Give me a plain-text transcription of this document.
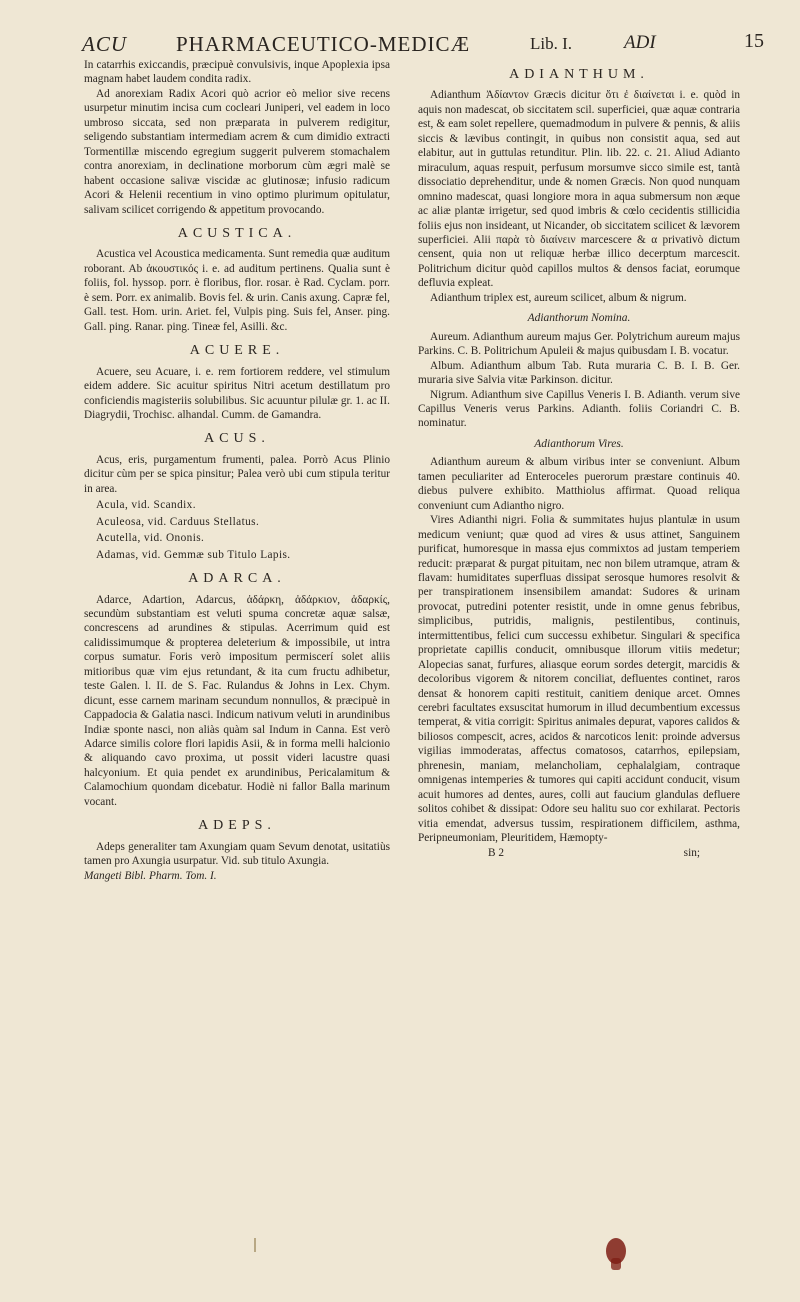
ACU PHARMACEUTICO-MEDICÆ	Lib. I.	ADI	15

In catarrhis exiccandis, præcipuè convulsivis, inque Apoplexia ipsa magnam habet laudem condita radix.

Ad anorexiam Radix Acori quò acrior eò melior sive recens usurpetur minutim incisa cum cocleari Juniperi, vel eadem in loco umbroso siccata, sed non præparata in pulverem redigitur, seligendo substantiam intermediam acrem & cum dimidio extracti Tormentillæ miscendo egregium suggerit pulverem stomachalem contra anorexiam, in declinatione morborum cùm ægri malè se habent occasione salivæ viscidæ ac glutinosæ; infusio radicum Acori & Helenii recentium in vino optimo plurimum opitulatur, salivam scilicet corrigendo & appetitum provocando.

ACUSTICA.

Acustica vel Acoustica medicamenta. Sunt remedia quæ auditum roborant. Ab ἀκουστικός i. e. ad auditum pertinens. Qualia sunt è foliis, fol. hyssop. porr. è floribus, flor. rosar. è Rad. Cyclam. porr. è sem. Porr. ex animalib. Bovis fel. & urin. Canis axung. Capræ fel, Gall. test. Hom. urin. Ariet. fel, Vulpis ping. Suis fel, Anser. ping. Gall. ping. Ranar. ping. Tineæ fel, Asilli. &c.

ACUERE.

Acuere, seu Acuare, i. e. rem fortiorem reddere, vel stimulum eidem addere. Sic acuitur spiritus Nitri acetum destillatum pro conficiendis magisteriis solubilibus. Sic acuuntur pilulæ gr. 1. ac II. Diagrydii, Trochisc. alhandal. Cumm. de Gamandra.

ACUS.

Acus, eris, purgamentum frumenti, palea. Porrò Acus Plinio dicitur cùm per se spica pinsitur; Palea verò ubi cum stipula teritur in area.

Acula, vid. Scandix.

Aculeosa, vid. Carduus Stellatus.

Acutella, vid. Ononis.

Adamas, vid. Gemmæ sub Titulo Lapis.

ADARCA.

Adarce, Adartion, Adarcus, ἀδάρκη, ἀδάρκιον, ἀδαρκίς, secundùm substantiam est veluti spuma concretæ aquæ salsæ, concrescens ad arundines & stipulas. Acerrimum quid est calidissimumque & propterea deleterium & impossibile, ut intra corpus sumatur. Foris verò impositum permiscerí solet aliis mitioribus quæ vim ejus retundant, & ita cum fructu adhibetur, teste Galen. l. II. de S. Fac. Rulandus & Johns in Lex. Chym. dicunt, esse carnem marinam secundum nonnullos, & præcipuè in Cappadocia & Galatia nasci. Indicum nativum veluti in arundinibus Indiæ sponte nasci, non aliàs quàm sal Indum in Canna. Est verò Adarce similis colore flori lapidis Asii, & in forma melli halcionio & aliquando cavo proxima, ut possit videri lacustre quasi halcyonium. Et quia pendet ex arundinibus, Pericalamitum & Calamochium quondam dicebatur. Hodiè ni fallor Balla marinum vocant.

ADEPS.

Adeps generaliter tam Axungiam quam Sevum denotat, usitatiùs tamen pro Axungia usurpatur. Vid. sub titulo Axungia.

Mangeti Bibl. Pharm. Tom. I.

ADIANTHUM.

Adianthum Ἀδίαντον Græcis dicitur ὅτι ἐ διαίνεται i. e. quòd in aquis non madescat, ob siccitatem scil. superficiei, quæ aquæ contraria est, & eam solet repellere, quemadmodum in pulvere & pennis, & aliis siccis & lævibus contingit, in quibus non consistit aqua, sed aut elabitur, aut in guttulas retunditur. Plin. lib. 22. c. 21. Aliud Adianto miraculum, aquas respuit, perfusum morsumve sicco simile est, tantà dissociatio deprehenditur, unde & nomen Græcis. Non quod nunquam omnino madescat, quasi longiore mora in aqua submersum non æque ac aliæ plantæ irrigetur, sed quod imbris & cœlo cecidentis stillicidia foliis ejus non insideant, ut Nicander, ob siccitatem scilicet & lævorem superficiei. Alii παρὰ τὸ διαίνειν marcescere & α privativò dictum censent, quia non ut reliquæ herbæ illico decerptum marcescit. Politrichum dicitur quòd capillos multos & densos faciat, eorumque defluvia expleat.

Adianthum triplex est, aureum scilicet, album & nigrum.

Adianthorum Nomina.

Aureum. Adianthum aureum majus Ger. Polytrichum aureum majus Parkins. C. B. Politrichum Apuleii & majus quibusdam I. B. vocatur.

Album. Adianthum album Tab. Ruta muraria C. B. I. B. Ger. muraria sive Salvia vitæ Parkinson. dicitur.

Nigrum. Adianthum sive Capillus Veneris I. B. Adianth. verum sive Capillus Veneris verus Parkins. Adianth. foliis Coriandri C. B. nominatur.

Adianthorum Vires.

Adianthum aureum & album viribus inter se conveniunt. Album tamen peculiariter ad Enteroceles puerorum præstare continuis 40. diebus pulvere exhibito. Matthiolus affirmat. Quoad reliqua conveniunt cum Adiantho nigro.

Vires Adianthi nigri. Folia & summitates hujus plantulæ in usum medicum veniunt; quæ quod ad vires & usus attinet, Sanguinem purificat, humoresque in massa ejus commixtos ad justam temperiem reducit: præparat & purgat pituitam, nec non bilem utramque, atram & flavam: humiditates superfluas dissipat serosque humores resolvit & per transpirationem insensibilem amandat: Sudores & urinam provocat, putredini potenter resistit, unde in omne genus febribus, simplicibus, putridis, malignis, pestilentibus, continuis, intermittentibus, felici cum successu exhibetur. Singulari & specifica proprietate capillis conducit, omnibusque illorum vitiis medetur; Alopecias sanat, furfures, aliasque eorum sordes detergit, marcidis & decoloribus vigorem & nitorem conciliat, defluentes continet, raros densat & honorem capiti restituit, canitiem denique arcet. Omnes cerebri facultates exsuscitat humorum in illud decumbentium excessus temperat, & vitia corrigit: Spiritus animales depurat, vapores calidos & biliosos compescit, acres, acidos & narcoticos lenit: proinde adversus vigilias immoderatas, affectus comatosos, catarrhos, epilepsiam, phrenesin, maniam, melancholiam, cephalalgiam, contraque omnigenas intemperies & tumores qui capiti accidunt conducit, visum acuit humores ad dentes, aures, colli aut faucium glandulas defluere solitos cohibet & dissipat: Odore seu halitu suo cor exhilarat. Pectoris vitia emendat, adversus tussim, respirationem difficilem, asthma, Peripneumoniam, Pleuritidem, Hæmopty-

B 2	sin;
